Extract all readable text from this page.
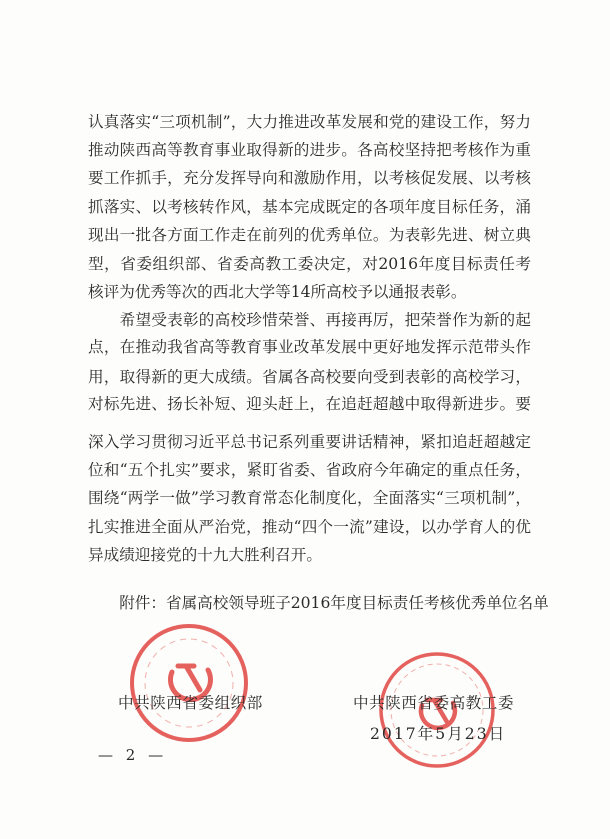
认真落实“三项机制”，大力推进改革发展和党的建设工作，努力
推动陕西高等教育事业取得新的进步。各高校坚持把考核作为重
要工作抓手，充分发挥导向和激励作用，以考核促发展、以考核
抓落实、以考核转作风，基本完成既定的各项年度目标任务，涌
现出一批各方面工作走在前列的优秀单位。为表彰先进、树立典
型，省委组织部、省委高教工委决定，对2016年度目标责任考
核评为优秀等次的西北大学等14所高校予以通报表彰。
　　希望受表彰的高校珍惜荣誉、再接再厉，把荣誉作为新的起
点，在推动我省高等教育事业改革发展中更好地发挥示范带头作
用，取得新的更大成绩。省属各高校要向受到表彰的高校学习，
对标先进、扬长补短、迎头赶上，在追赶超越中取得新进步。要
深入学习贯彻习近平总书记系列重要讲话精神，紧扣追赶超越定
位和“五个扎实”要求，紧盯省委、省政府今年确定的重点任务，
围绕“两学一做”学习教育常态化制度化，全面落实“三项机制”，
扎实推进全面从严治党，推动“四个一流”建设，以办学育人的优
异成绩迎接党的十九大胜利召开。
　　附件：省属高校领导班子2016年度目标责任考核优秀单位名单
中共陕西省委组织部	中共陕西省委高教工委
2017年5月23日
— 2 —
